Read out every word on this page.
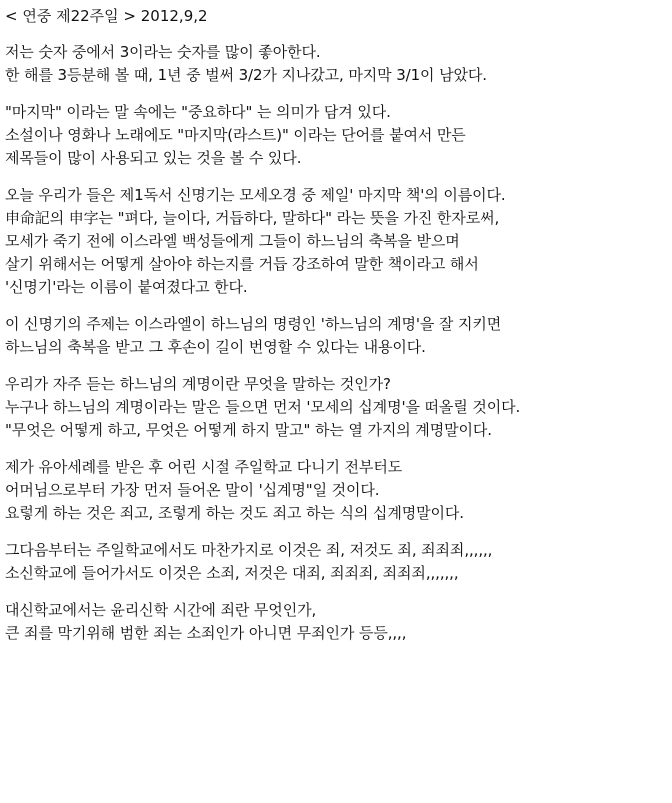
< 연중 제22주일 > 2012,9,2
저는 숫자 중에서 3이라는 숫자를 많이 좋아한다.
한 해를 3등분해 볼 때, 1년 중 벌써 3/2가 지나갔고, 마지막 3/1이 남았다.
"마지막" 이라는 말 속에는 "중요하다" 는 의미가 담겨 있다.
소설이나 영화나 노래에도 "마지막(라스트)" 이라는 단어를 붙여서 만든
제목들이 많이 사용되고 있는 것을 볼 수 있다.
오늘 우리가 들은 제1독서 신명기는 모세오경 중 제일' 마지막 책'의 이름이다.
申命記의 申字는 "펴다, 늘이다, 거듭하다, 말하다" 라는 뜻을 가진 한자로써,
모세가 죽기 전에 이스라엘 백성들에게 그들이 하느님의 축복을 받으며
살기 위해서는 어떻게 살아야 하는지를 거듭 강조하여 말한 책이라고 해서
'신명기'라는 이름이 붙여졌다고 한다.
이 신명기의 주제는 이스라엘이 하느님의 명령인 '하느님의 계명'을 잘 지키면
하느님의 축복을 받고 그 후손이 길이 번영할 수 있다는 내용이다.
우리가 자주 듣는 하느님의 계명이란 무엇을 말하는 것인가?
누구나 하느님의 계명이라는 말은 들으면 먼저 '모세의 십계명'을 떠올릴 것이다.
"무엇은 어떻게 하고, 무엇은 어떻게 하지 말고" 하는 열 가지의 계명말이다.
제가 유아세례를 받은 후 어린 시절 주일학교 다니기 전부터도
어머님으로부터 가장 먼저 들어온 말이 '십계명"일 것이다.
요렇게 하는 것은 죄고, 조렇게 하는 것도 죄고 하는 식의 십계명말이다.
그다음부터는 주일학교에서도 마찬가지로 이것은 죄, 저것도 죄, 죄죄죄,,,,,,
소신학교에 들어가서도 이것은 소죄, 저것은 대죄, 죄죄죄, 죄죄죄,,,,,,,
대신학교에서는 윤리신학 시간에 죄란 무엇인가,
큰 죄를 막기위해 범한 죄는 소죄인가 아니면 무죄인가 등등,,,,
